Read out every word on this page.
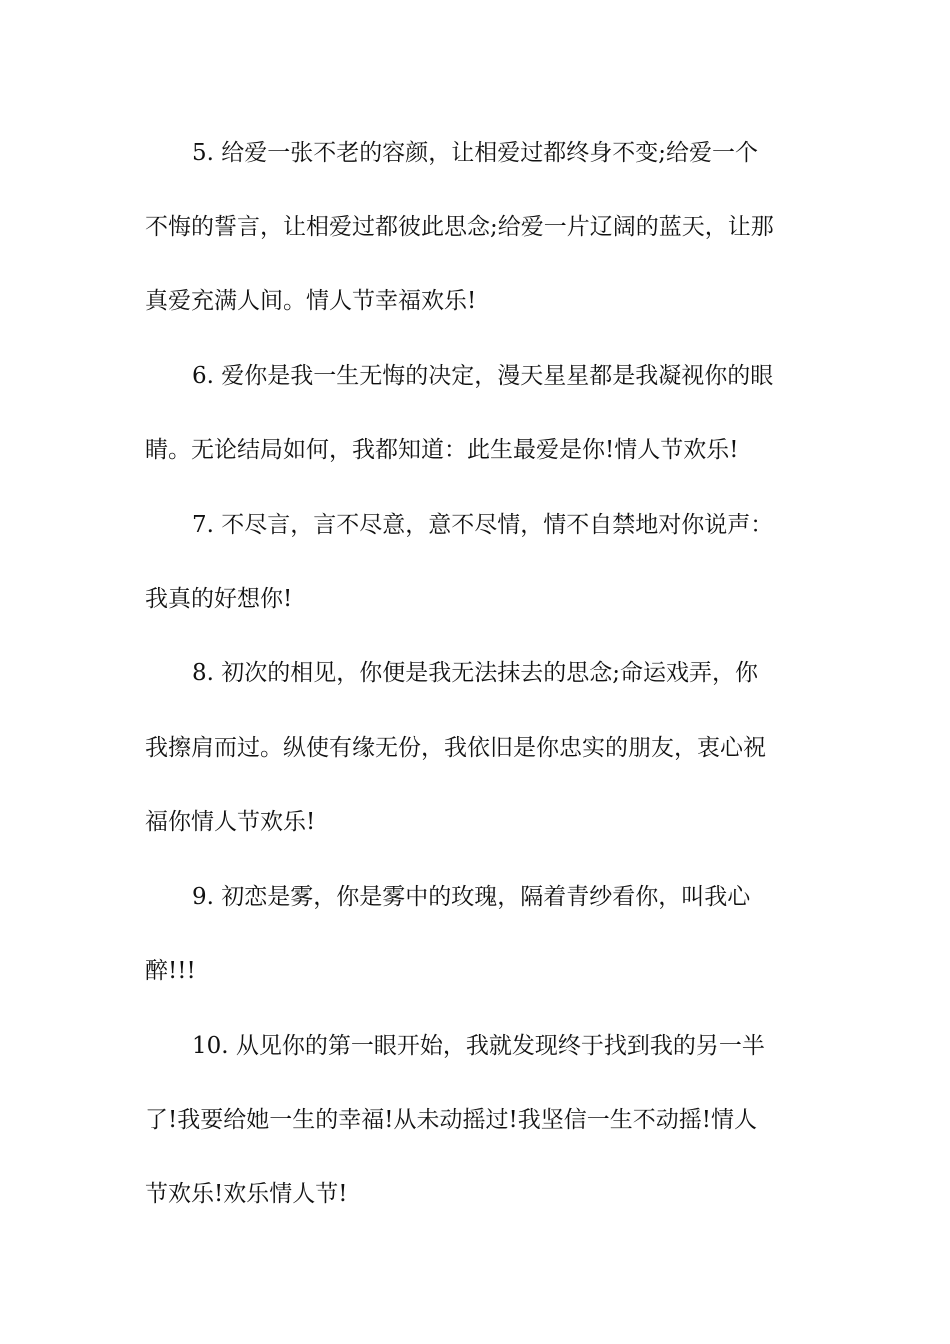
5. 给爱一张不老的容颜，让相爱过都终身不变;给爱一个
不悔的誓言，让相爱过都彼此思念;给爱一片辽阔的蓝天，让那
真爱充满人间。情人节幸福欢乐!
6. 爱你是我一生无悔的决定，漫天星星都是我凝视你的眼
睛。无论结局如何，我都知道：此生最爱是你!情人节欢乐!
7. 不尽言，言不尽意，意不尽情，情不自禁地对你说声：
我真的好想你!
8. 初次的相见，你便是我无法抹去的思念;命运戏弄，你
我擦肩而过。纵使有缘无份，我依旧是你忠实的朋友，衷心祝
福你情人节欢乐!
9. 初恋是雾，你是雾中的玫瑰，隔着青纱看你，叫我心
醉!!!
10. 从见你的第一眼开始，我就发现终于找到我的另一半
了!我要给她一生的幸福!从未动摇过!我坚信一生不动摇!情人
节欢乐!欢乐情人节!
